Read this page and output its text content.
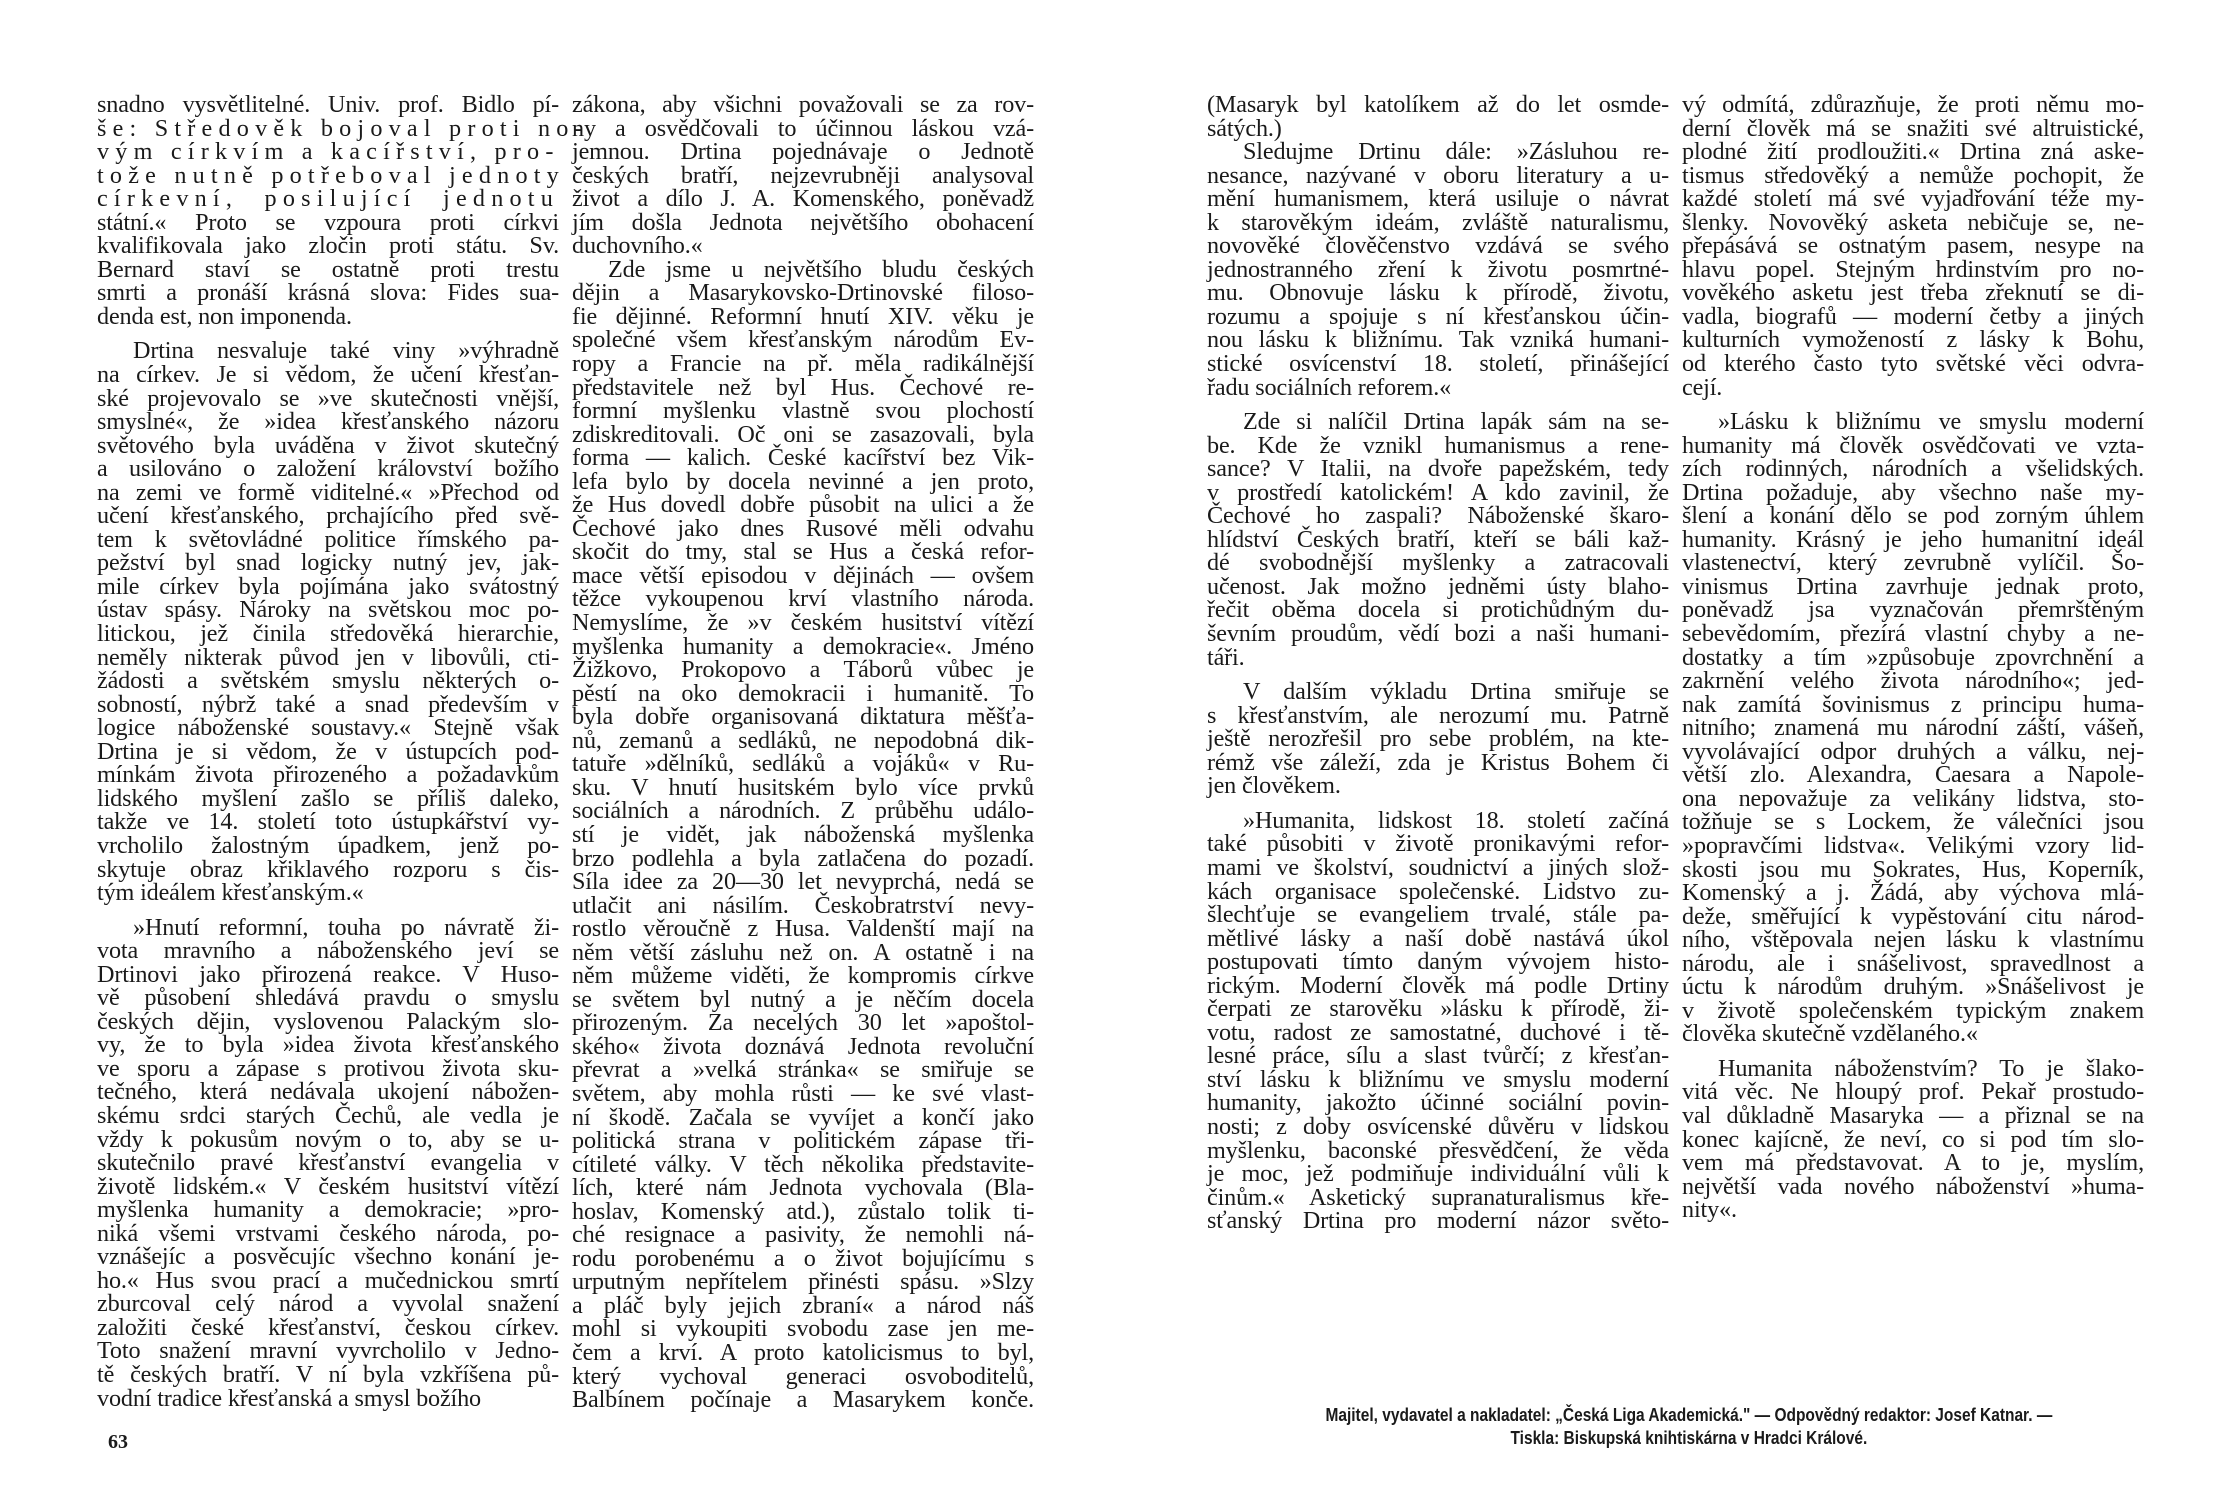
snadno vysvětlitelné. Univ. prof. Bidlo pí-
še: Středověk bojoval proti no-
vým církvím a kacířství, pro-
tože nutně potřeboval jednoty
církevní, posilující jednotu
státní.« Proto se vzpoura proti církvi
kvalifikovala jako zločin proti státu. Sv.
Bernard staví se ostatně proti trestu
smrti a pronáší krásná slova: Fides sua-
denda est, non imponenda.

Drtina nesvaluje také viny »výhradně
na církev. Je si vědom, že učení křesťan-
ské projevovalo se »ve skutečnosti vnější,
smyslné«, že »idea křesťanského názoru
světového byla uváděna v život skutečný
a usilováno o založení království božího
na zemi ve formě viditelné.« »Přechod od
učení křesťanského, prchajícího před svě-
tem k světovládné politice římského pa-
pežství byl snad logicky nutný jev, jak-
mile církev byla pojímána jako svátostný
ústav spásy. Nároky na světskou moc po-
litickou, jež činila středověká hierarchie,
neměly nikterak původ jen v libovůli, cti-
žádosti a světském smyslu některých o-
sobností, nýbrž také a snad především v
logice náboženské soustavy.« Stejně však
Drtina je si vědom, že v ústupcích pod-
mínkám života přirozeného a požadavkům
lidského myšlení zašlo se příliš daleko,
takže ve 14. století toto ústupkářství vy-
vrcholilo žalostným úpadkem, jenž po-
skytuje obraz křiklavého rozporu s čis-
tým ideálem křesťanským.«

»Hnutí reformní, touha po návratě ži-
vota mravního a náboženského jeví se
Drtinovi jako přirozená reakce. V Huso-
vě působení shledává pravdu o smyslu
českých dějin, vyslovenou Palackým slo-
vy, že to byla »idea života křesťanského
ve sporu a zápase s protivou života sku-
tečného, která nedávala ukojení nábožen-
skému srdci starých Čechů, ale vedla je
vždy k pokusům novým o to, aby se u-
skutečnilo pravé křesťanství evangelia v
životě lidském.« V českém husitství vítězí
myšlenka humanity a demokracie; »pro-
niká všemi vrstvami českého národa, po-
vznášejíc a posvěcujíc všechno konání je-
ho.« Hus svou prací a mučednickou smrtí
zburcoval celý národ a vyvolal snažení
založiti české křesťanství, českou církev.
Toto snažení mravní vyvrcholilo v Jedno-
tě českých bratří. V ní byla vzkříšena pů-
vodní tradice křesťanská a smysl božího

zákona, aby všichni považovali se za rov-
ny a osvědčovali to účinnou láskou vzá-
jemnou. Drtina pojednávaje o Jednotě
českých bratří, nejzevrubněji analysoval
život a dílo J. A. Komenského, poněvadž
jím došla Jednota největšího obohacení
duchovního.«

Zde jsme u největšího bludu českých
dějin a Masarykovsko-Drtinovské filoso-
fie dějinné. Reformní hnutí XIV. věku je
společné všem křesťanským národům Ev-
ropy a Francie na př. měla radikálnější
představitele než byl Hus. Čechové re-
formní myšlenku vlastně svou plochostí
zdiskreditovali. Oč oni se zasazovali, byla
forma — kalich. České kacířství bez Vik-
lefa bylo by docela nevinné a jen proto,
že Hus dovedl dobře působit na ulici a že
Čechové jako dnes Rusové měli odvahu
skočit do tmy, stal se Hus a česká refor-
mace větší episodou v dějinách — ovšem
těžce vykoupenou krví vlastního národa.
Nemyslíme, že »v českém husitství vítězí
myšlenka humanity a demokracie«. Jméno
Žižkovo, Prokopovo a Táborů vůbec je
pěstí na oko demokracii i humanitě. To
byla dobře organisovaná diktatura měšťa-
nů, zemanů a sedláků, ne nepodobná dik-
tatuře »dělníků, sedláků a vojáků« v Ru-
sku. V hnutí husitském bylo více prvků
sociálních a národních. Z průběhu událo-
stí je vidět, jak náboženská myšlenka
brzo podlehla a byla zatlačena do pozadí.
Síla idee za 20—30 let nevyprchá, nedá se
utlačit ani násilím. Českobratrství nevy-
rostlo věroučně z Husa. Valdenští mají na
něm větší zásluhu než on. A ostatně i na
něm můžeme viděti, že kompromis církve
se světem byl nutný a je něčím docela
přirozeným. Za necelých 30 let »apoštol-
ského« života doznává Jednota revoluční
převrat a »velká stránka« se smiřuje se
světem, aby mohla růsti — ke své vlast-
ní škodě. Začala se vyvíjet a končí jako
politická strana v politickém zápase tři-
cítileté války. V těch několika představite-
lích, které nám Jednota vychovala (Bla-
hoslav, Komenský atd.), zůstalo tolik ti-
ché resignace a pasivity, že nemohli ná-
rodu porobenému a o život bojujícímu s
urputným nepřítelem přinésti spásu. »Slzy
a pláč byly jejich zbraní« a národ náš
mohl si vykoupiti svobodu zase jen me-
čem a krví. A proto katolicismus to byl,
který vychoval generaci osvoboditelů,
Balbínem počínaje a Masarykem konče.

63

(Masaryk byl katolíkem až do let osmde-
sátých.)

Sledujme Drtinu dále: »Zásluhou re-
nesance, nazývané v oboru literatury a u-
mění humanismem, která usiluje o návrat
k starověkým ideám, zvláště naturalismu,
novověké člověčenstvo vzdává se svého
jednostranného zření k životu posmrtné-
mu. Obnovuje lásku k přírodě, životu,
rozumu a spojuje s ní křesťanskou účin-
nou lásku k bližnímu. Tak vzniká humani-
stické osvícenství 18. století, přinášející
řadu sociálních reforem.«

Zde si nalíčil Drtina lapák sám na se-
be. Kde že vznikl humanismus a rene-
sance? V Italii, na dvoře papežském, tedy
v prostředí katolickém! A kdo zavinil, že
Čechové ho zaspali? Náboženské škaro-
hlídství Českých bratří, kteří se báli kaž-
dé svobodnější myšlenky a zatracovali
učenost. Jak možno jedněmi ústy blaho-
řečit oběma docela si protichůdným du-
ševním proudům, vědí bozi a naši humani-
táři.

V dalším výkladu Drtina smiřuje se
s křesťanstvím, ale nerozumí mu. Patrně
ještě nerozřešil pro sebe problém, na kte-
rémž vše záleží, zda je Kristus Bohem či
jen člověkem.

»Humanita, lidskost 18. století začíná
také působiti v životě pronikavými refor-
mami ve školství, soudnictví a jiných slož-
kách organisace společenské. Lidstvo zu-
šlechťuje se evangeliem trvalé, stále pa-
mětlivé lásky a naší době nastává úkol
postupovati tímto daným vývojem histo-
rickým. Moderní člověk má podle Drtiny
čerpati ze starověku »lásku k přírodě, ži-
votu, radost ze samostatné, duchové i tě-
lesné práce, sílu a slast tvůrčí; z křesťan-
ství lásku k bližnímu ve smyslu moderní
humanity, jakožto účinné sociální povin-
nosti; z doby osvícenské důvěru v lidskou
myšlenku, baconské přesvědčení, že věda
je moc, jež podmiňuje individuální vůli k
činům.« Asketický supranaturalismus kře-
sťanský Drtina pro moderní názor světo-

vý odmítá, zdůrazňuje, že proti němu mo-
derní člověk má se snažiti své altruistické,
plodné žití prodloužiti.« Drtina zná aske-
tismus středověký a nemůže pochopit, že
každé století má své vyjadřování téže my-
šlenky. Novověký asketa nebičuje se, ne-
přepásává se ostnatým pasem, nesype na
hlavu popel. Stejným hrdinstvím pro no-
vověkého asketu jest třeba zřeknutí se di-
vadla, biografů — moderní četby a jiných
kulturních vymožeností z lásky k Bohu,
od kterého často tyto světské věci odvra-
cejí.

»Lásku k bližnímu ve smyslu moderní
humanity má člověk osvědčovati ve vzta-
zích rodinných, národních a všelidských.
Drtina požaduje, aby všechno naše my-
šlení a konání dělo se pod zorným úhlem
humanity. Krásný je jeho humanitní ideál
vlastenectví, který zevrubně vylíčil. Šo-
vinismus Drtina zavrhuje jednak proto,
poněvadž jsa vyznačován přemrštěným
sebevědomím, přezírá vlastní chyby a ne-
dostatky a tím »způsobuje zpovrchnění a
zakrnění velého života národního«; jed-
nak zamítá šovinismus z principu huma-
nitního; znamená mu národní záští, vášeň,
vyvolávající odpor druhých a válku, nej-
větší zlo. Alexandra, Caesara a Napole-
ona nepovažuje za velikány lidstva, sto-
tožňuje se s Lockem, že válečníci jsou
»popravčími lidstva«. Velikými vzory lid-
skosti jsou mu Sokrates, Hus, Koperník,
Komenský a j. Žádá, aby výchova mlá-
deže, směřující k vypěstování citu národ-
ního, vštěpovala nejen lásku k vlastnímu
národu, ale i snášelivost, spravedlnost a
úctu k národům druhým. »Snášelivost je
v životě společenském typickým znakem
člověka skutečně vzdělaného.«

Humanita náboženstvím? To je šlako-
vitá věc. Ne hloupý prof. Pekař prostudo-
val důkladně Masaryka — a přiznal se na
konec kajícně, že neví, co si pod tím slo-
vem má představovat. A to je, myslím,
největší vada nového náboženství »huma-
nity«.

Majitel, vydavatel a nakladatel: „Česká Liga Akademická." — Odpovědný redaktor: Josef Katnar. —
Tiskla: Biskupská knihtiskárna v Hradci Králové.
